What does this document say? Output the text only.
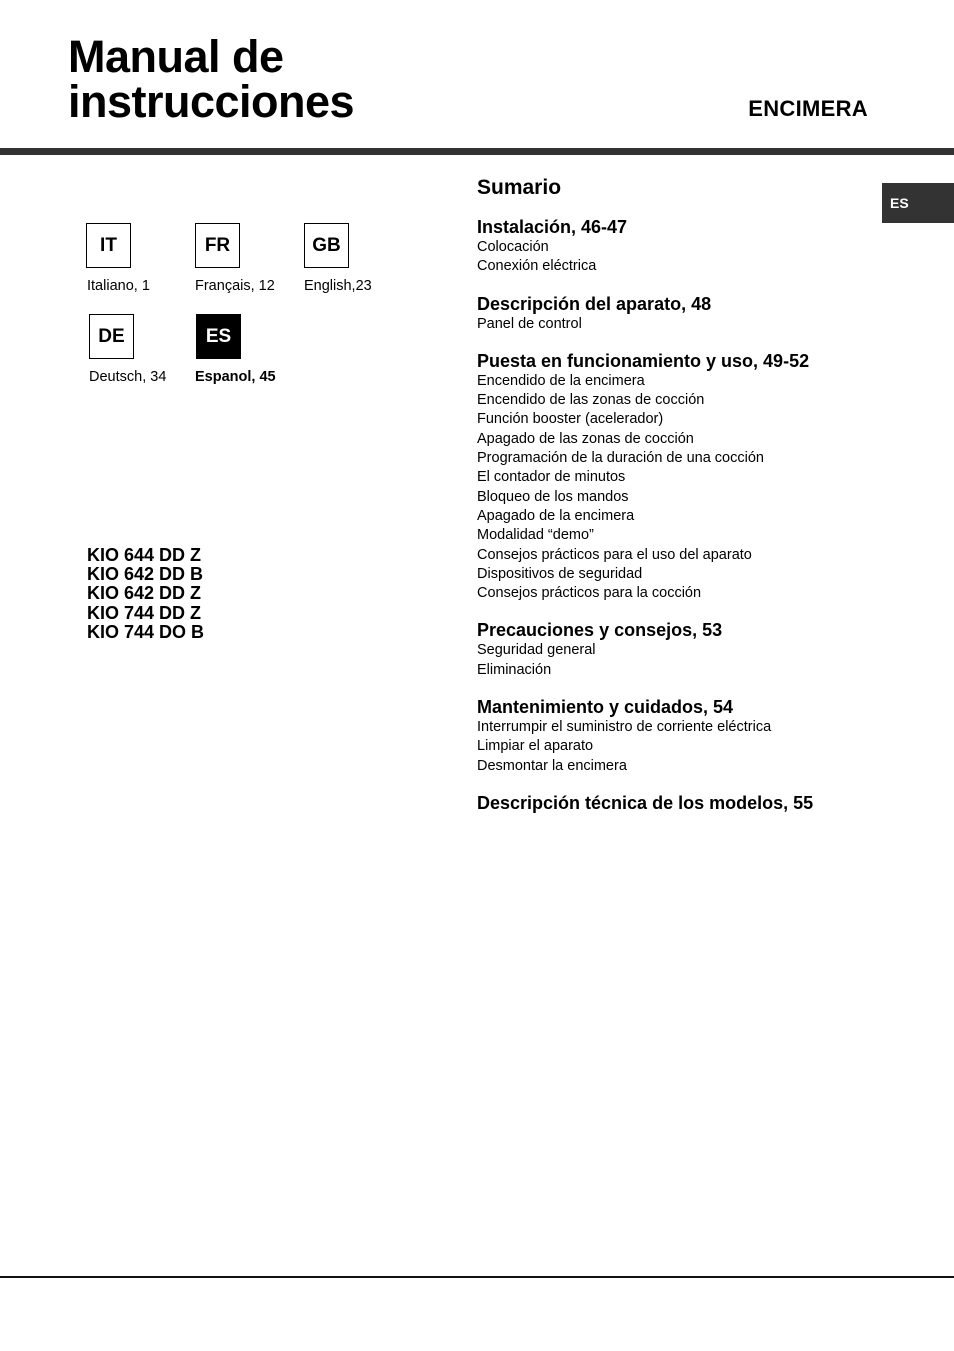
Manual de
instrucciones	ENCIMERA
ES
IT
Italiano, 1
FR
Français, 12
GB
English,23
DE
Deutsch, 34
ES
Espanol, 45
KIO 644 DD Z
KIO 642 DD B
KIO 642 DD Z
KIO 744 DD Z
KIO 744 DO B
Sumario
Instalación, 46-47
Colocación
Conexión eléctrica
Descripción del aparato, 48
Panel de control
Puesta en funcionamiento y uso, 49-52
Encendido de la encimera
Encendido de las zonas de cocción
Función booster (acelerador)
Apagado de las zonas de cocción
Programación de la duración de una cocción
El contador de minutos
Bloqueo de los mandos
Apagado de la encimera
Modalidad “demo”
Consejos prácticos para el uso del aparato
Dispositivos de seguridad
Consejos prácticos para la cocción
Precauciones y consejos, 53
Seguridad general
Eliminación
Mantenimiento y cuidados, 54
Interrumpir el suministro de corriente eléctrica
Limpiar el aparato
Desmontar la encimera
Descripción técnica de los modelos, 55
